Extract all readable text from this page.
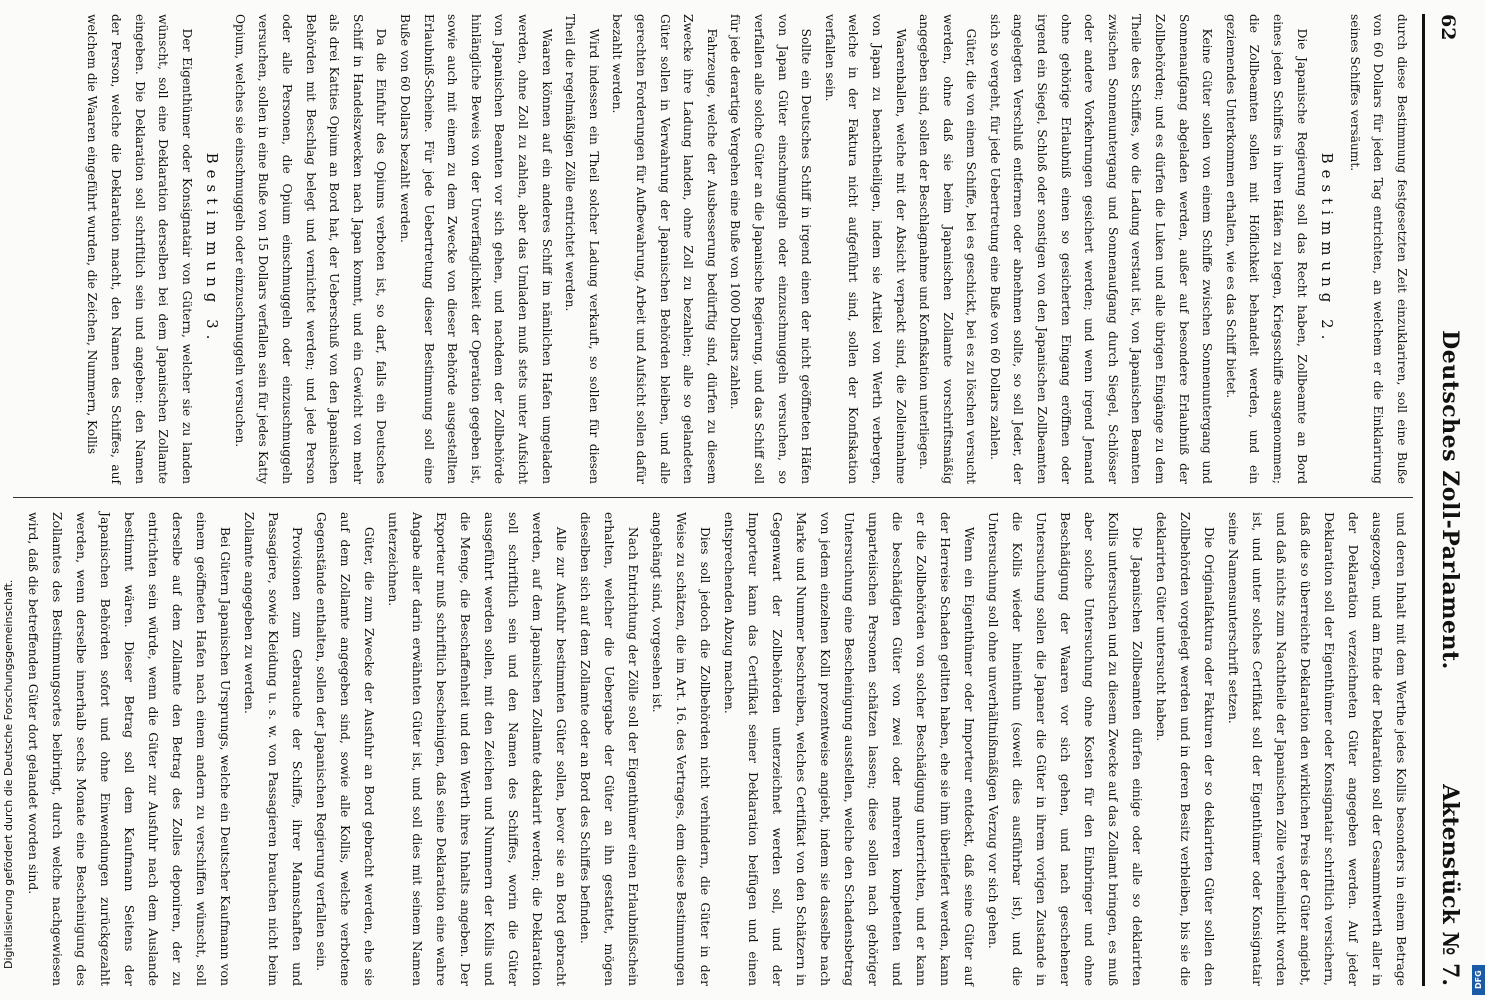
62
Deutsches Zoll-Parlament.
Aktenstück № 7.

durch diese Bestimmung festgesetzten Zeit einzuklariren, soll eine Buße von 60 Dollars für jeden Tag entrichten, an welchem er die Einklarirung seines Schiffes versäumt.

Bestimmung 2.

Die Japanische Regierung soll das Recht haben, Zollbeamte an Bord eines jeden Schiffes in ihren Häfen zu legen, Kriegsschiffe ausgenommen; die Zollbeamten sollen mit Höflichkeit behandelt werden, und ein geziemendes Unterkommen erhalten, wie es das Schiff bietet.

Keine Güter sollen von einem Schiffe zwischen Sonnenuntergang und Sonnenaufgang abgeladen werden, außer auf besondere Erlaubniß der Zollbehörden; und es dürfen die Luken und alle übrigen Eingänge zu dem Theile des Schiffes, wo die Ladung verstaut ist, von Japanischen Beamten zwischen Sonnenuntergang und Sonnenaufgang durch Siegel, Schlösser oder andere Vorkehrungen gesichert werden; und wenn irgend Jemand ohne gehörige Erlaubniß einen so gesicherten Eingang eröffnen oder irgend ein Siegel, Schloß oder sonstigen von den Japanischen Zollbeamten angelegten Verschluß entfernen oder abnehmen sollte, so soll Jeder, der sich so vergeht, für jede Uebertretung eine Buße von 60 Dollars zahlen.

Güter, die von einem Schiffe, bei es geschickt, bei es zu löschen versucht werden, ohne daß sie beim Japanischen Zollamte vorschriftsmäßig angegeben sind, sollen der Beschlagnahme und Konfiskation unterliegen.

Waarenballen, welche mit der Absicht verpackt sind, die Zolleinnahme von Japan zu benachtheiligen, indem sie Artikel von Werth verbergen, welche in der Faktura nicht aufgeführt sind, sollen der Konfiskation verfallen sein.

Sollte ein Deutsches Schiff in irgend einen der nicht geöffneten Häfen von Japan Güter einschmuggeln oder einzuschmuggeln versuchen, so verfallen alle solche Güter an die Japanische Regierung, und das Schiff soll für jede derartige Vergehen eine Buße von 1000 Dollars zahlen.

Fahrzeuge, welche der Ausbesserung bedürftig sind, dürfen zu diesem Zwecke ihre Ladung landen, ohne Zoll zu bezahlen; alle so gelandeten Güter sollen in Verwahrung der Japanischen Behörden bleiben, und alle gerechten Forderungen für Aufbewahrung, Arbeit und Aufsicht sollen dafür bezahlt werden.

Wird indessen ein Theil solcher Ladung verkauft, so sollen für diesen Theil die regelmäßigen Zölle entrichtet werden.

Waaren können auf ein anderes Schiff im nämlichen Hafen umgeladen werden, ohne Zoll zu zahlen, aber das Umladen muß stets unter Aufsicht von Japanischen Beamten vor sich gehen, und nachdem der Zollbehörde hinlängliche Beweis von der Unverfänglichkeit der Operation gegeben ist, sowie auch mit einem zu dem Zwecke von dieser Behörde ausgestellten Erlaubniß-Scheine. Für jede Uebertretung dieser Bestimmung soll eine Buße von 60 Dollars bezahlt werden.

Da die Einfuhr des Opiums verboten ist, so darf, falls ein Deutsches Schiff in Handelszwecken nach Japan kommt, und ein Gewicht von mehr als drei Katties Opium an Bord hat, der Ueberschuß von den Japanischen Behörden mit Beschlag belegt und vernichtet werden; und jede Person oder alle Personen, die Opium einschmuggeln oder einzuschmuggeln versuchen, sollen in eine Buße von 15 Dollars verfallen sein für jedes Katty Opium, welches sie einschmuggeln oder einzuschmuggeln versuchen.

Bestimmung 3.

Der Eigenthümer oder Konsignatair von Gütern, welcher sie zu landen wünscht, soll eine Deklaration derselben bei dem Japanischen Zollamte eingeben. Die Deklaration soll schriftlich sein und angeben: den Namen der Person, welche die Deklaration macht, den Namen des Schiffes, auf welchem die Waaren eingeführt wurden, die Zeichen, Nummern, Kollis

und deren Inhalt mit dem Werthe jedes Kollis besonders in einem Betrage ausgezogen, und am Ende der Deklaration soll der Gesammtwerth aller in der Deklaration verzeichneten Güter angegeben werden. Auf jeder Deklaration soll der Eigenthümer oder Konsignatair schriftlich versichern, daß die so überreichte Deklaration den wirklichen Preis der Güter angiebt, und daß nichts zum Nachtheile der Japanischen Zölle verheimlicht worden ist, und unter solches Certifikat soll der Eigenthümer oder Konsignatair seine Namensunterschrift setzen.

Die Originalfaktura oder Fakturen der so deklarirten Güter sollen den Zollbehörden vorgelegt werden und in deren Besitz verbleiben, bis sie die deklarirten Güter untersucht haben.

Die Japanischen Zollbeamten dürfen einige oder alle so deklarirten Kollis untersuchen und zu diesem Zwecke auf das Zollamt bringen, es muß aber solche Untersuchung ohne Kosten für den Einbringer und ohne Beschädigung der Waaren vor sich gehen, und nach geschehener Untersuchung sollen die Japaner die Güter in ihrem vorigen Zustande in die Kollis wieder hineinthun (soweit dies ausführbar ist), und die Untersuchung soll ohne unverhältnißmäßigen Verzug vor sich gehen.

Wenn ein Eigenthümer oder Importeur entdeckt, daß seine Güter auf der Herreise Schaden gelitten haben, ehe sie ihm überliefert werden, kann er die Zollbehörden von solcher Beschädigung unterrichten, und er kann die beschädigten Güter von zwei oder mehreren kompetenten und unparteiischen Personen schätzen lassen; diese sollen nach gehöriger Untersuchung eine Bescheinigung ausstellen, welche den Schadensbetrag von jedem einzelnen Kolli prozentweise angiebt, indem sie dasselbe nach Marke und Nummer beschreiben, welches Certifikat von den Schätzern in Gegenwart der Zollbehörden unterzeichnet werden soll, und der Importeur kann das Certifikat seiner Deklaration beifügen und einen entsprechenden Abzug machen.

Dies soll jedoch die Zollbehörden nicht verhindern, die Güter in der Weise zu schätzen, die im Art. 16. des Vertrages, dem diese Bestimmungen angehängt sind, vorgesehen ist.

Nach Entrichtung der Zölle soll der Eigenthümer einen Erlaubnißschein erhalten, welcher die Uebergabe der Güter an ihn gestattet, mögen dieselben sich auf dem Zollamte oder an Bord des Schiffes befinden.

Alle zur Ausfuhr bestimmten Güter sollen, bevor sie an Bord gebracht werden, auf dem Japanischen Zollamte deklarirt werden; die Deklaration soll schriftlich sein und den Namen des Schiffes, worin die Güter ausgeführt werden sollen, mit den Zeichen und Nummern der Kollis und die Menge, die Beschaffenheit und den Werth ihres Inhalts angeben. Der Exporteur muß schriftlich bescheinigen, daß seine Deklaration eine wahre Angabe aller darin erwähnten Güter ist, und soll dies mit seinem Namen unterzeichnen.

Güter, die zum Zwecke der Ausfuhr an Bord gebracht werden, ehe sie auf dem Zollamte angegeben sind, sowie alle Kollis, welche verbotene Gegenstände enthalten, sollen der Japanischen Regierung verfallen sein.

Provisionen zum Gebrauche der Schiffe, ihrer Mannschaften und Passagiere, sowie Kleidung u. s. w. von Passagieren brauchen nicht beim Zollamte angegeben zu werden.

Bei Gütern Japanischen Ursprungs, welche ein Deutscher Kaufmann von einem geöffneten Hafen nach einem andern zu verschiffen wünscht, soll derselbe auf dem Zollamte den Betrag des Zolles deponiren, der zu entrichten sein würde, wenn die Güter zur Ausfuhr nach dem Auslande bestimmt wären. Dieser Betrag soll dem Kaufmann Seitens der Japanischen Behörden sofort und ohne Einwendungen zurückgezahlt werden, wenn derselbe innerhalb sechs Monate eine Bescheinigung des Zollamtes des Bestimmungsortes beibringt, durch welche nachgewiesen wird, daß die betreffenden Güter dort gelandet worden sind.

Digitalisierung gefördert durch die Deutsche Forschungsgemeinschaft.
DFG
